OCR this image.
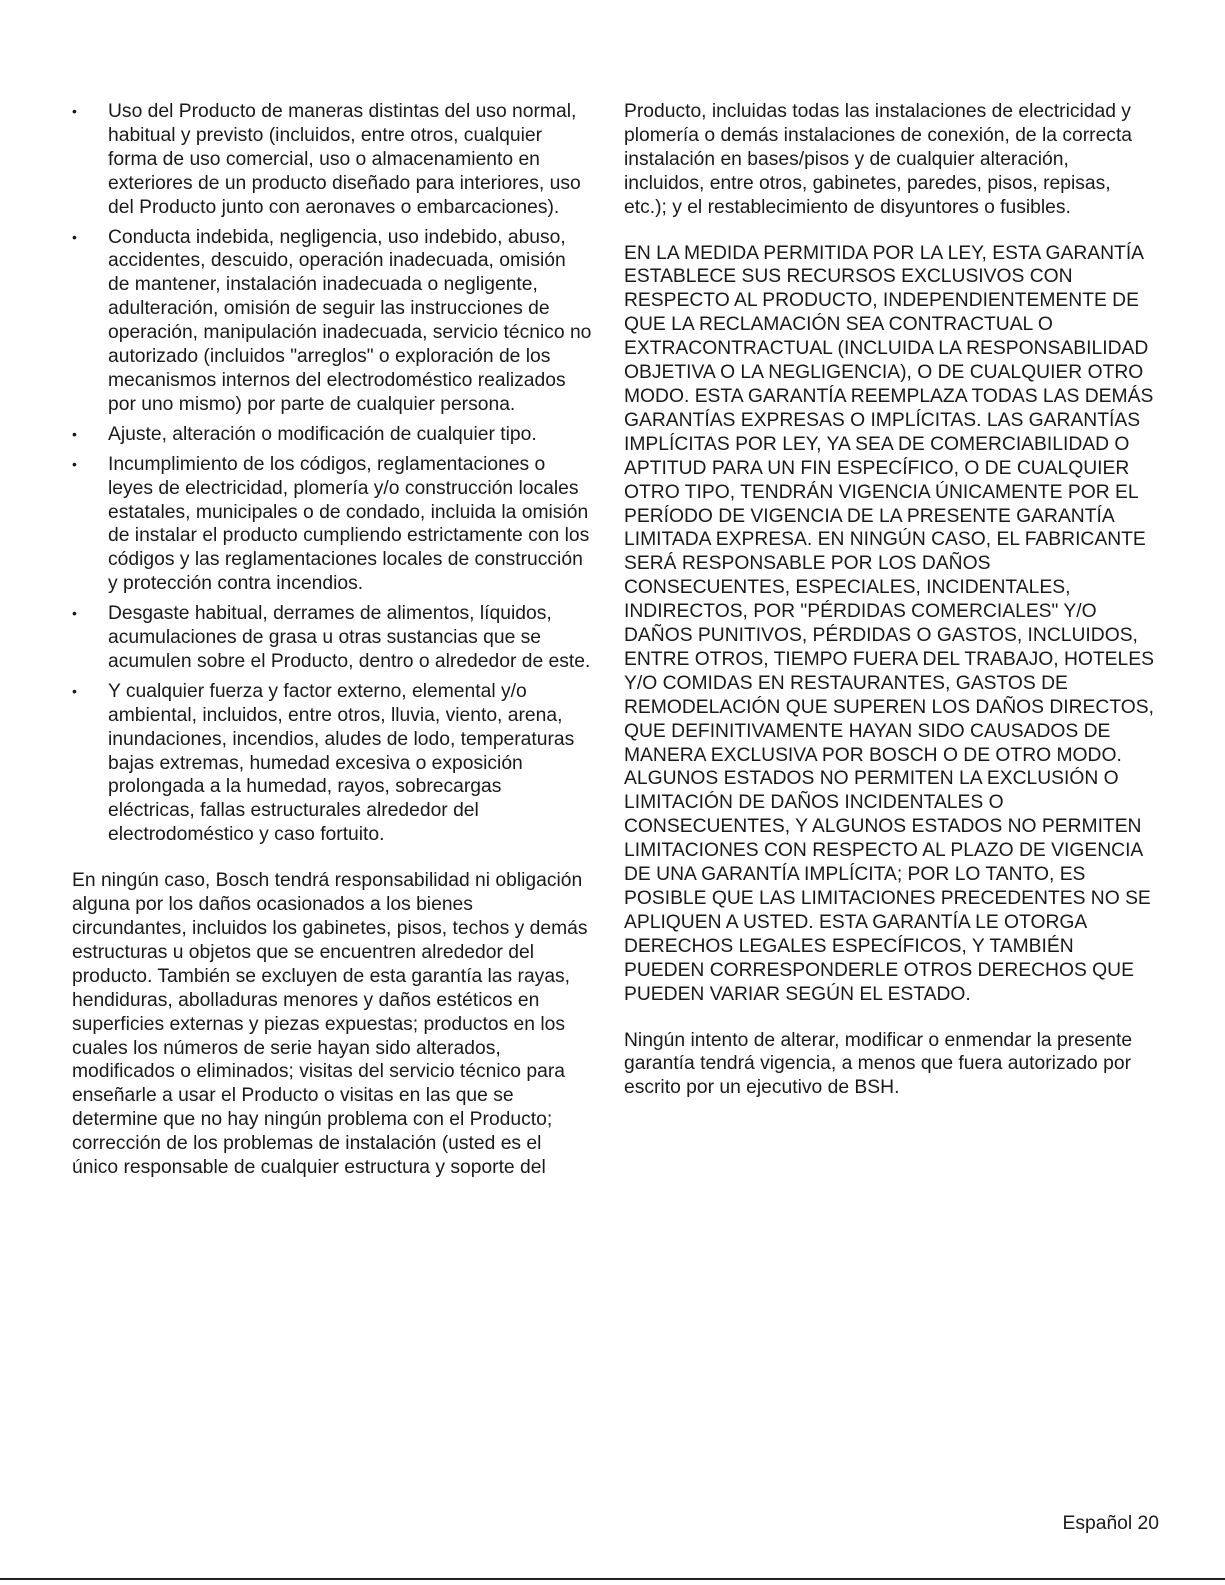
• Uso del Producto de maneras distintas del uso normal, habitual y previsto (incluidos, entre otros, cualquier forma de uso comercial, uso o almacenamiento en exteriores de un producto diseñado para interiores, uso del Producto junto con aeronaves o embarcaciones).
• Conducta indebida, negligencia, uso indebido, abuso, accidentes, descuido, operación inadecuada, omisión de mantener, instalación inadecuada o negligente, adulteración, omisión de seguir las instrucciones de operación, manipulación inadecuada, servicio técnico no autorizado (incluidos "arreglos" o exploración de los mecanismos internos del electrodoméstico realizados por uno mismo) por parte de cualquier persona.
• Ajuste, alteración o modificación de cualquier tipo.
• Incumplimiento de los códigos, reglamentaciones o leyes de electricidad, plomería y/o construcción locales estatales, municipales o de condado, incluida la omisión de instalar el producto cumpliendo estrictamente con los códigos y las reglamentaciones locales de construcción y protección contra incendios.
• Desgaste habitual, derrames de alimentos, líquidos, acumulaciones de grasa u otras sustancias que se acumulen sobre el Producto, dentro o alrededor de este.
• Y cualquier fuerza y factor externo, elemental y/o ambiental, incluidos, entre otros, lluvia, viento, arena, inundaciones, incendios, aludes de lodo, temperaturas bajas extremas, humedad excesiva o exposición prolongada a la humedad, rayos, sobrecargas eléctricas, fallas estructurales alrededor del electrodoméstico y caso fortuito.

En ningún caso, Bosch tendrá responsabilidad ni obligación alguna por los daños ocasionados a los bienes circundantes, incluidos los gabinetes, pisos, techos y demás estructuras u objetos que se encuentren alrededor del producto. También se excluyen de esta garantía las rayas, hendiduras, abolladuras menores y daños estéticos en superficies externas y piezas expuestas; productos en los cuales los números de serie hayan sido alterados, modificados o eliminados; visitas del servicio técnico para enseñarle a usar el Producto o visitas en las que se determine que no hay ningún problema con el Producto; corrección de los problemas de instalación (usted es el único responsable de cualquier estructura y soporte del

Producto, incluidas todas las instalaciones de electricidad y plomería o demás instalaciones de conexión, de la correcta instalación en bases/pisos y de cualquier alteración, incluidos, entre otros, gabinetes, paredes, pisos, repisas, etc.); y el restablecimiento de disyuntores o fusibles.

EN LA MEDIDA PERMITIDA POR LA LEY, ESTA GARANTÍA ESTABLECE SUS RECURSOS EXCLUSIVOS CON RESPECTO AL PRODUCTO, INDEPENDIENTEMENTE DE QUE LA RECLAMACIÓN SEA CONTRACTUAL O EXTRACONTRACTUAL (INCLUIDA LA RESPONSABILIDAD OBJETIVA O LA NEGLIGENCIA), O DE CUALQUIER OTRO MODO. ESTA GARANTÍA REEMPLAZA TODAS LAS DEMÁS GARANTÍAS EXPRESAS O IMPLÍCITAS. LAS GARANTÍAS IMPLÍCITAS POR LEY, YA SEA DE COMERCIABILIDAD O APTITUD PARA UN FIN ESPECÍFICO, O DE CUALQUIER OTRO TIPO, TENDRÁN VIGENCIA ÚNICAMENTE POR EL PERÍODO DE VIGENCIA DE LA PRESENTE GARANTÍA LIMITADA EXPRESA. EN NINGÚN CASO, EL FABRICANTE SERÁ RESPONSABLE POR LOS DAÑOS CONSECUENTES, ESPECIALES, INCIDENTALES, INDIRECTOS, POR "PÉRDIDAS COMERCIALES" Y/O DAÑOS PUNITIVOS, PÉRDIDAS O GASTOS, INCLUIDOS, ENTRE OTROS, TIEMPO FUERA DEL TRABAJO, HOTELES Y/O COMIDAS EN RESTAURANTES, GASTOS DE REMODELACIÓN QUE SUPEREN LOS DAÑOS DIRECTOS, QUE DEFINITIVAMENTE HAYAN SIDO CAUSADOS DE MANERA EXCLUSIVA POR BOSCH O DE OTRO MODO. ALGUNOS ESTADOS NO PERMITEN LA EXCLUSIÓN O LIMITACIÓN DE DAÑOS INCIDENTALES O CONSECUENTES, Y ALGUNOS ESTADOS NO PERMITEN LIMITACIONES CON RESPECTO AL PLAZO DE VIGENCIA DE UNA GARANTÍA IMPLÍCITA; POR LO TANTO, ES POSIBLE QUE LAS LIMITACIONES PRECEDENTES NO SE APLIQUEN A USTED. ESTA GARANTÍA LE OTORGA DERECHOS LEGALES ESPECÍFICOS, Y TAMBIÉN PUEDEN CORRESPONDERLE OTROS DERECHOS QUE PUEDEN VARIAR SEGÚN EL ESTADO.

Ningún intento de alterar, modificar o enmendar la presente garantía tendrá vigencia, a menos que fuera autorizado por escrito por un ejecutivo de BSH.

Español 20
